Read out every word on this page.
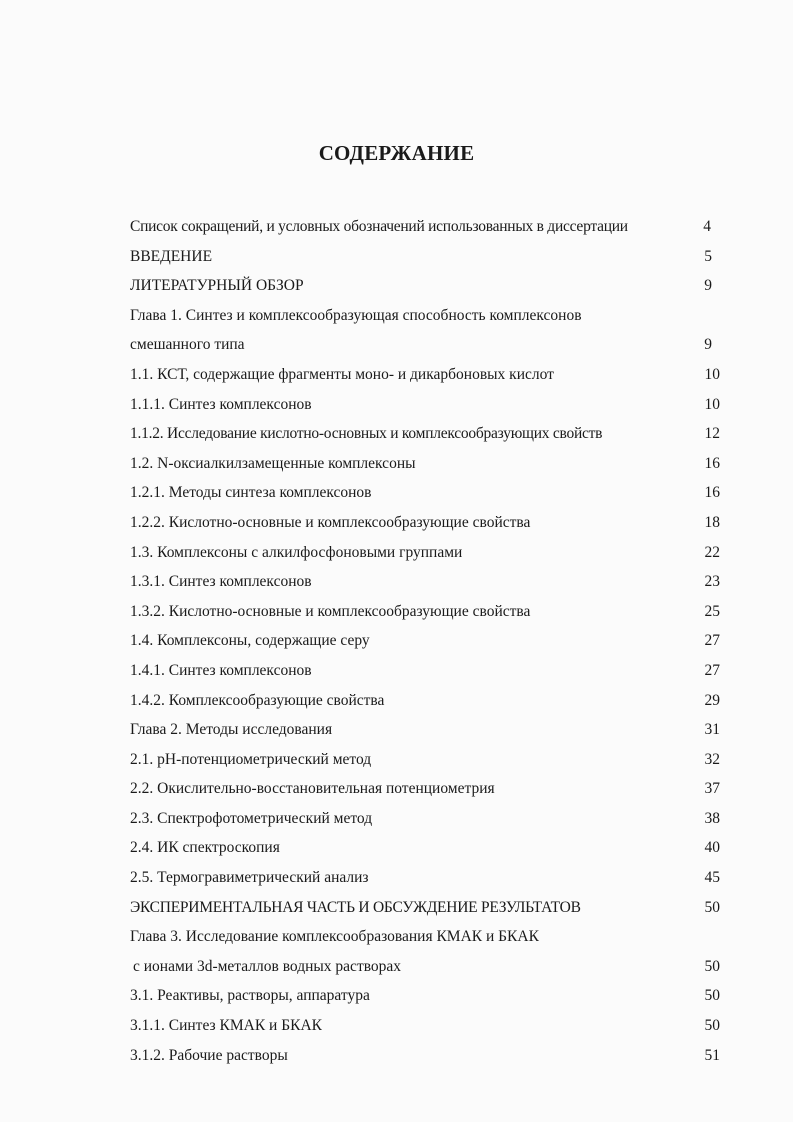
СОДЕРЖАНИЕ
Список сокращений, и условных обозначений использованных в диссертации	4
ВВЕДЕНИЕ	5
ЛИТЕРАТУРНЫЙ ОБЗОР	9
Глава 1. Синтез и комплексообразующая способность комплексонов
смешанного типа	9
1.1. КСТ, содержащие фрагменты моно- и дикарбоновых кислот	10
1.1.1. Синтез комплексонов	10
1.1.2. Исследование кислотно-основных и комплексообразующих свойств	12
1.2. N-оксиалкилзамещенные комплексоны	16
1.2.1. Методы синтеза комплексонов	16
1.2.2. Кислотно-основные и комплексообразующие свойства	18
1.3. Комплексоны с алкилфосфоновыми группами	22
1.3.1. Синтез комплексонов	23
1.3.2. Кислотно-основные и комплексообразующие свойства	25
1.4. Комплексоны, содержащие серу	27
1.4.1. Синтез комплексонов	27
1.4.2. Комплексообразующие свойства	29
Глава 2. Методы исследования	31
2.1. pH-потенциометрический метод	32
2.2. Окислительно-восстановительная потенциометрия	37
2.3. Спектрофотометрический метод	38
2.4. ИК спектроскопия	40
2.5. Термогравиметрический анализ	45
ЭКСПЕРИМЕНТАЛЬНАЯ ЧАСТЬ И ОБСУЖДЕНИЕ РЕЗУЛЬТАТОВ	50
Глава 3. Исследование комплексообразования КМАК и БКАК
с ионами 3d-металлов водных растворах	50
3.1. Реактивы, растворы, аппаратура	50
3.1.1. Синтез КМАК и БКАК	50
3.1.2. Рабочие растворы	51
